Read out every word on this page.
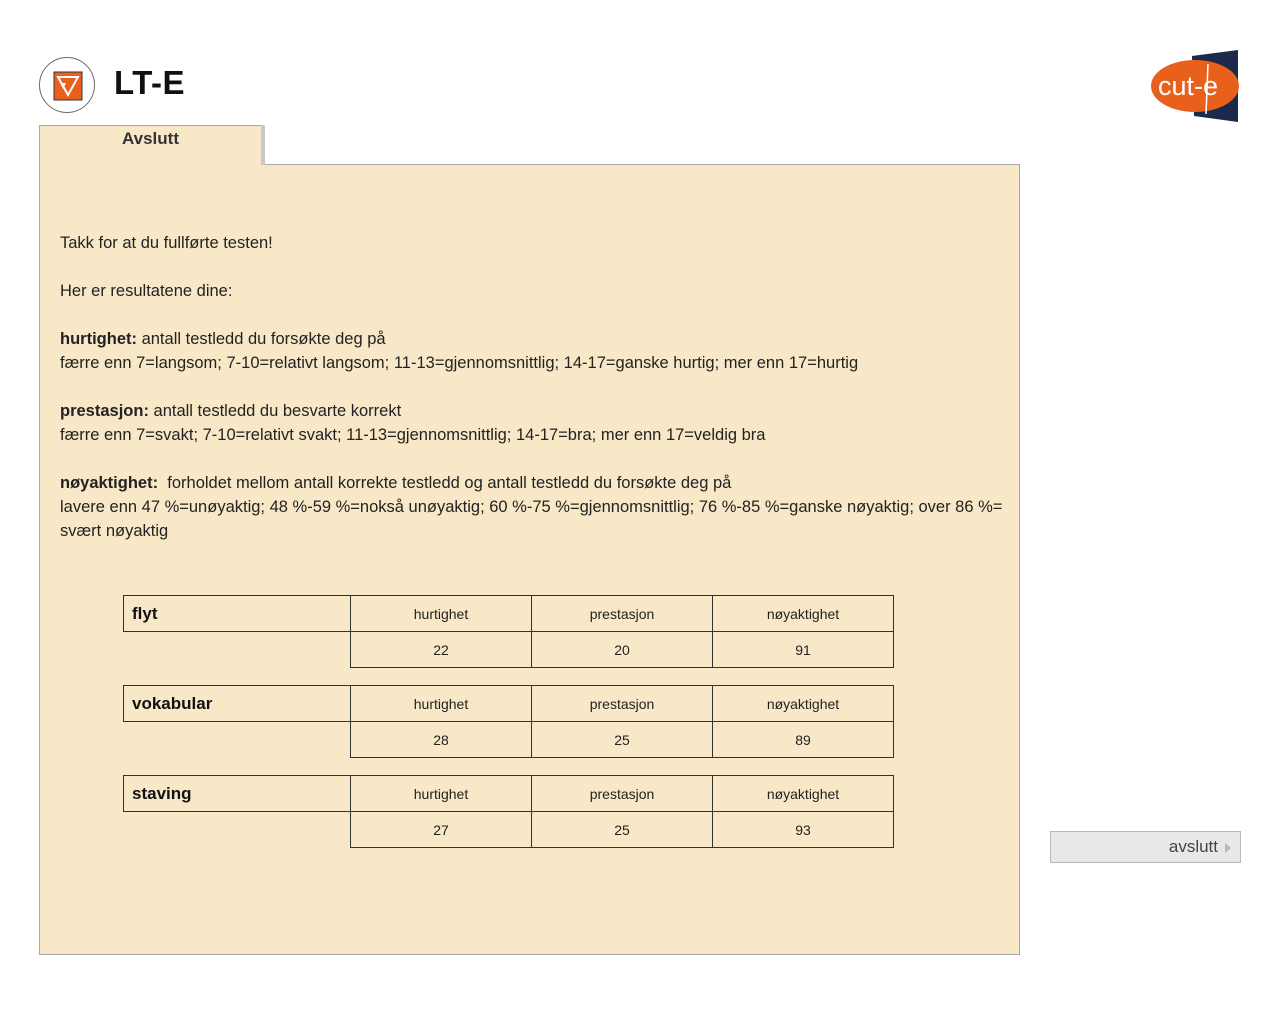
LT-E	cut-e
Avslutt

Takk for at du fullførte testen!

Her er resultatene dine:

hurtighet: antall testledd du forsøkte deg på

færre enn 7=langsom; 7-10=relativt langsom; 11-13=gjennomsnittlig; 14-17=ganske hurtig; mer enn 17=hurtig

prestasjon: antall testledd du besvarte korrekt

færre enn 7=svakt; 7-10=relativt svakt; 11-13=gjennomsnittlig; 14-17=bra; mer enn 17=veldig bra

nøyaktighet: forholdet mellom antall korrekte testledd og antall testledd du forsøkte deg på

lavere enn 47 %=unøyaktig; 48 %-59 %=nokså unøyaktig; 60 %-75 %=gjennomsnittlig; 76 %-85 %=ganske nøyaktig; over 86 %= svært nøyaktig

flyt	hurtighet	prestasjon	nøyaktighet
	22	20	91
vokabular	hurtighet	prestasjon	nøyaktighet
	28	25	89
staving	hurtighet	prestasjon	nøyaktighet
	27	25	93
avslutt
